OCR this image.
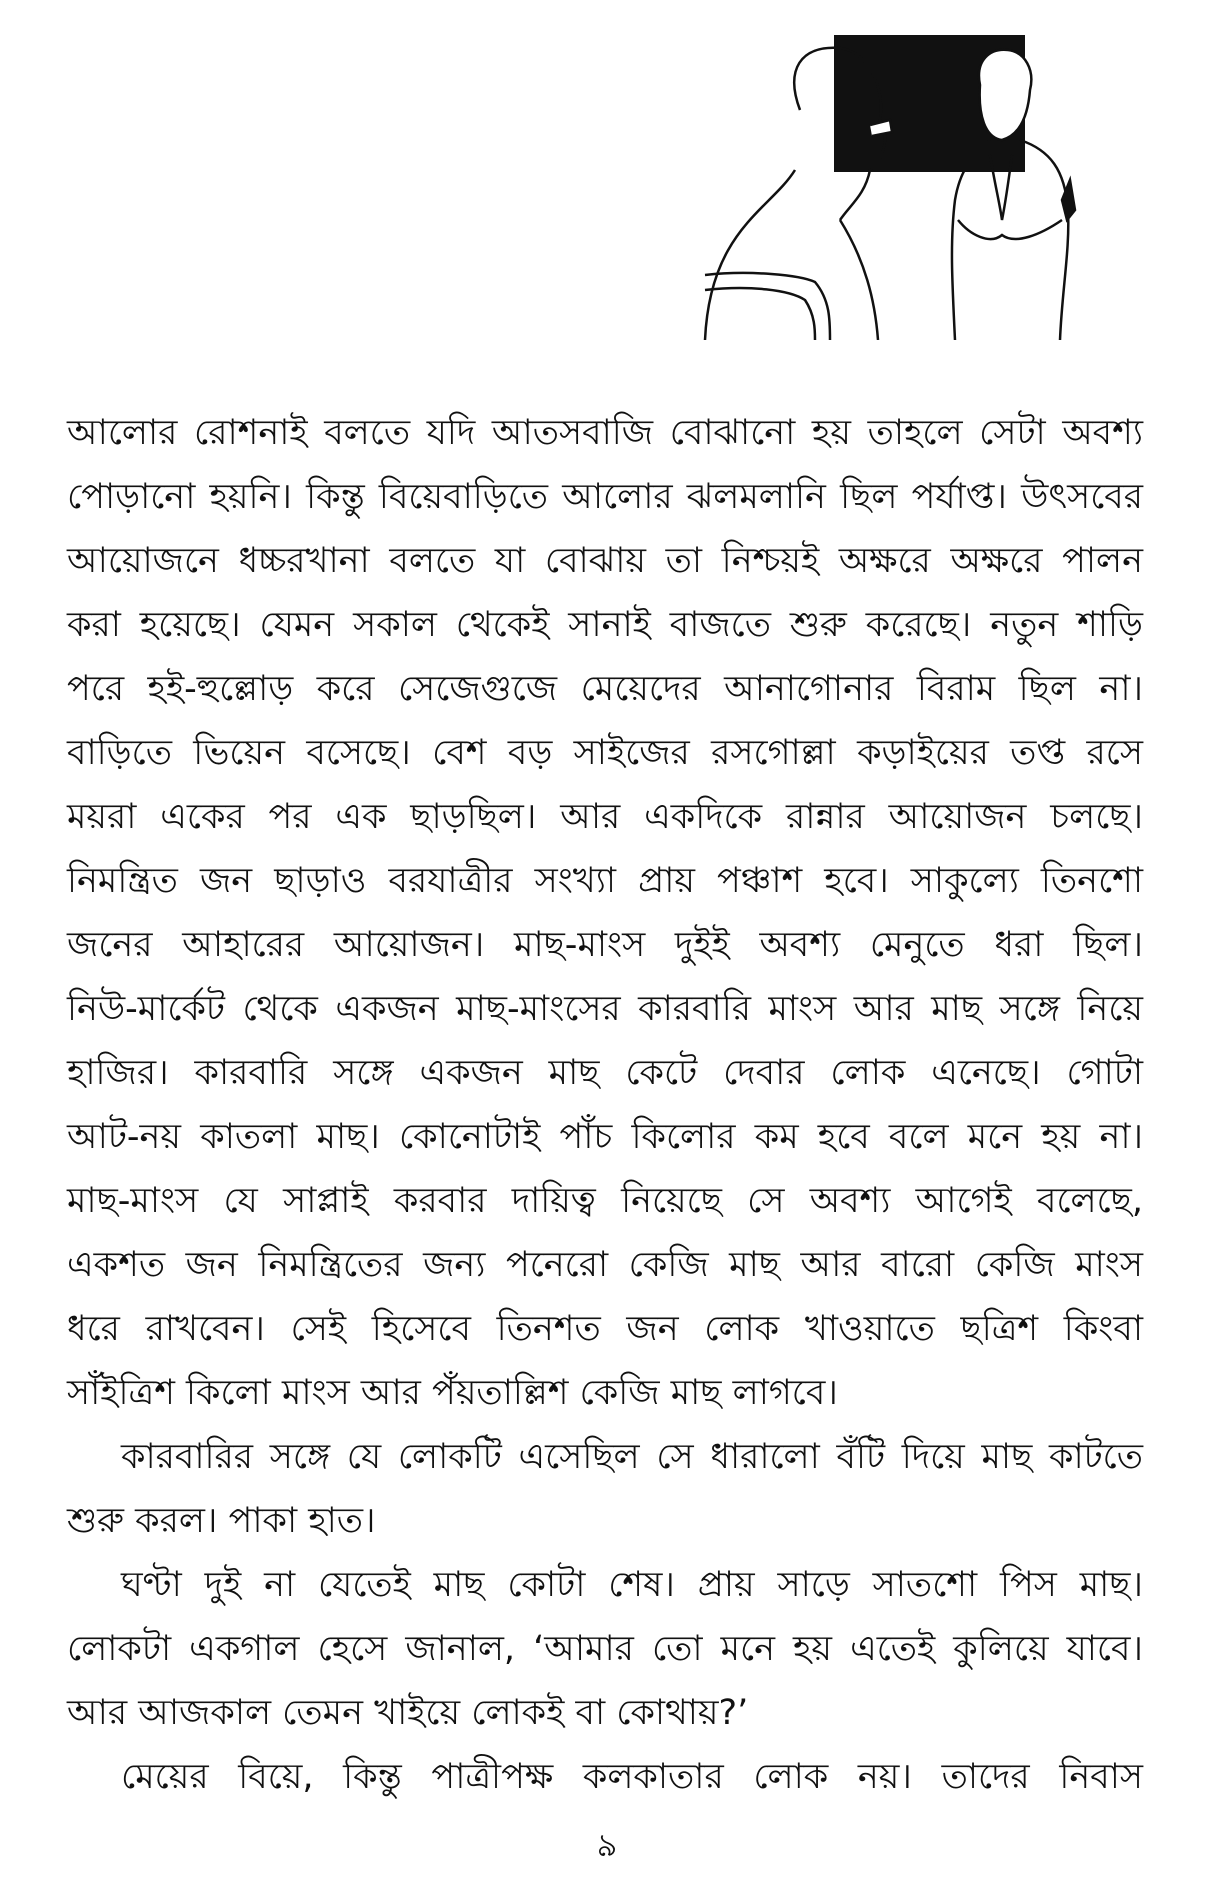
আলোর রোশনাই বলতে যদি আতসবাজি বোঝানো হয় তাহলে সেটা অবশ্য
পোড়ানো হয়নি। কিন্তু বিয়েবাড়িতে আলোর ঝলমলানি ছিল পর্যাপ্ত। উৎসবের
আয়োজনে ধচ্চরখানা বলতে যা বোঝায় তা নিশ্চয়ই অক্ষরে অক্ষরে পালন
করা হয়েছে। যেমন সকাল থেকেই সানাই বাজতে শুরু করেছে। নতুন শাড়ি
পরে হই-হুল্লোড় করে সেজেগুজে মেয়েদের আনাগোনার বিরাম ছিল না।
বাড়িতে ভিয়েন বসেছে। বেশ বড় সাইজের রসগোল্লা কড়াইয়ের তপ্ত রসে
ময়রা একের পর এক ছাড়ছিল। আর একদিকে রান্নার আয়োজন চলছে।
নিমন্ত্রিত জন ছাড়াও বরযাত্রীর সংখ্যা প্রায় পঞ্চাশ হবে। সাকুল্যে তিনশো
জনের আহারের আয়োজন। মাছ-মাংস দুইই অবশ্য মেনুতে ধরা ছিল।
নিউ-মার্কেট থেকে একজন মাছ-মাংসের কারবারি মাংস আর মাছ সঙ্গে নিয়ে
হাজির। কারবারি সঙ্গে একজন মাছ কেটে দেবার লোক এনেছে। গোটা
আট-নয় কাতলা মাছ। কোনোটাই পাঁচ কিলোর কম হবে বলে মনে হয় না।
মাছ-মাংস যে সাপ্লাই করবার দায়িত্ব নিয়েছে সে অবশ্য আগেই বলেছে,
একশত জন নিমন্ত্রিতের জন্য পনেরো কেজি মাছ আর বারো কেজি মাংস
ধরে রাখবেন। সেই হিসেবে তিনশত জন লোক খাওয়াতে ছত্রিশ কিংবা
সাঁইত্রিশ কিলো মাংস আর পঁয়তাল্লিশ কেজি মাছ লাগবে।
কারবারির সঙ্গে যে লোকটি এসেছিল সে ধারালো বঁটি দিয়ে মাছ কাটতে
শুরু করল। পাকা হাত।
ঘণ্টা দুই না যেতেই মাছ কোটা শেষ। প্রায় সাড়ে সাতশো পিস মাছ।
লোকটা একগাল হেসে জানাল, ‘আমার তো মনে হয় এতেই কুলিয়ে যাবে।
আর আজকাল তেমন খাইয়ে লোকই বা কোথায়?’
মেয়ের বিয়ে, কিন্তু পাত্রীপক্ষ কলকাতার লোক নয়। তাদের নিবাস
৯
